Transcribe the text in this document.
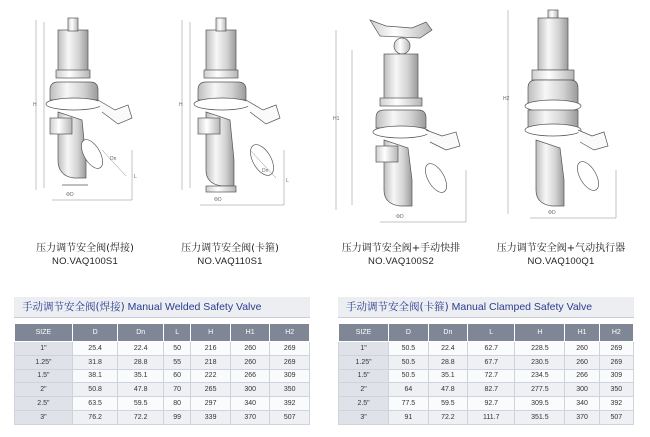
H	H
H1
H2
ΦD
ΦD
ΦD
ΦD
Dn
Dn
L
L
压力调节安全阀(焊接)
NO.VAQ100S1
压力调节安全阀(卡箍)
NO.VAQ110S1
压力调节安全阀+手动快排
NO.VAQ100S2
压力调节安全阀+气动执行器
NO.VAQ100Q1
手动调节安全阀(焊接) Manual Welded Safety Valve
SIZE	D	Dn	L	H	H1	H2
1"	25.4	22.4	50	216	260	269
1.25"	31.8	28.8	55	218	260	269
1.5"	38.1	35.1	60	222	266	309
2"	50.8	47.8	70	265	300	350
2.5"	63.5	59.5	80	297	340	392
3"	76.2	72.2	99	339	370	507
手动调节安全阀(卡箍) Manual Clamped Safety Valve
SIZE	D	Dn	L	H	H1	H2
1"	50.5	22.4	62.7	228.5	260	269
1.25"	50.5	28.8	67.7	230.5	260	269
1.5"	50.5	35.1	72.7	234.5	266	309
2"	64	47.8	82.7	277.5	300	350
2.5"	77.5	59.5	92.7	309.5	340	392
3"	91	72.2	111.7	351.5	370	507
